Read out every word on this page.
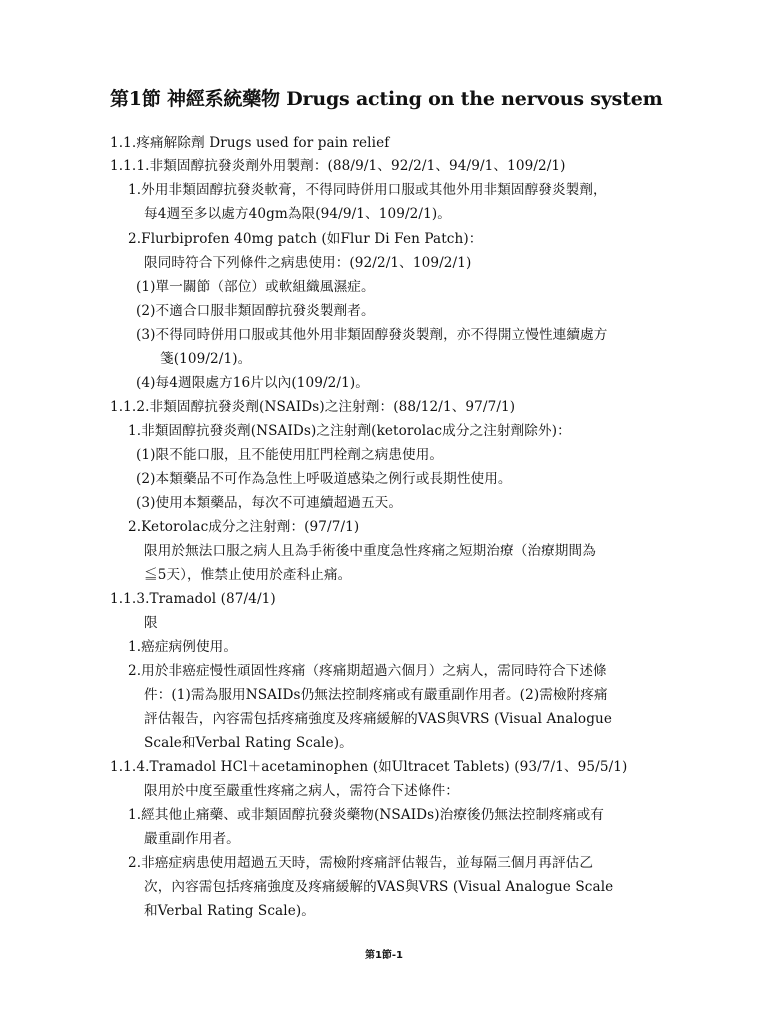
第1節 神經系統藥物 Drugs acting on the nervous system
1.1.疼痛解除劑 Drugs used for pain relief
1.1.1.非類固醇抗發炎劑外用製劑：(88/9/1、92/2/1、94/9/1、109/2/1)
1.外用非類固醇抗發炎軟膏，不得同時併用口服或其他外用非類固醇發炎製劑，
每4週至多以處方40gm為限(94/9/1、109/2/1)。
2.Flurbiprofen 40mg patch (如Flur Di Fen Patch)：
限同時符合下列條件之病患使用：(92/2/1、109/2/1)
(1)單一關節（部位）或軟組織風濕症。
(2)不適合口服非類固醇抗發炎製劑者。
(3)不得同時併用口服或其他外用非類固醇發炎製劑，亦不得開立慢性連續處方
箋(109/2/1)。
(4)每4週限處方16片以內(109/2/1)。
1.1.2.非類固醇抗發炎劑(NSAIDs)之注射劑：(88/12/1、97/7/1)
1.非類固醇抗發炎劑(NSAIDs)之注射劑(ketorolac成分之注射劑除外)：
(1)限不能口服，且不能使用肛門栓劑之病患使用。
(2)本類藥品不可作為急性上呼吸道感染之例行或長期性使用。
(3)使用本類藥品，每次不可連續超過五天。
2.Ketorolac成分之注射劑：(97/7/1)
限用於無法口服之病人且為手術後中重度急性疼痛之短期治療（治療期間為
≦5天），惟禁止使用於產科止痛。
1.1.3.Tramadol (87/4/1)
限
1.癌症病例使用。
2.用於非癌症慢性頑固性疼痛（疼痛期超過六個月）之病人，需同時符合下述條
件：(1)需為服用NSAIDs仍無法控制疼痛或有嚴重副作用者。(2)需檢附疼痛
評估報告，內容需包括疼痛強度及疼痛緩解的VAS與VRS (Visual Analogue
Scale和Verbal Rating Scale)。
1.1.4.Tramadol HCl＋acetaminophen (如Ultracet Tablets) (93/7/1、95/5/1)
限用於中度至嚴重性疼痛之病人，需符合下述條件：
1.經其他止痛藥、或非類固醇抗發炎藥物(NSAIDs)治療後仍無法控制疼痛或有
嚴重副作用者。
2.非癌症病患使用超過五天時，需檢附疼痛評估報告，並每隔三個月再評估乙
次，內容需包括疼痛強度及疼痛緩解的VAS與VRS (Visual Analogue Scale
和Verbal Rating Scale)。
第1節-1
